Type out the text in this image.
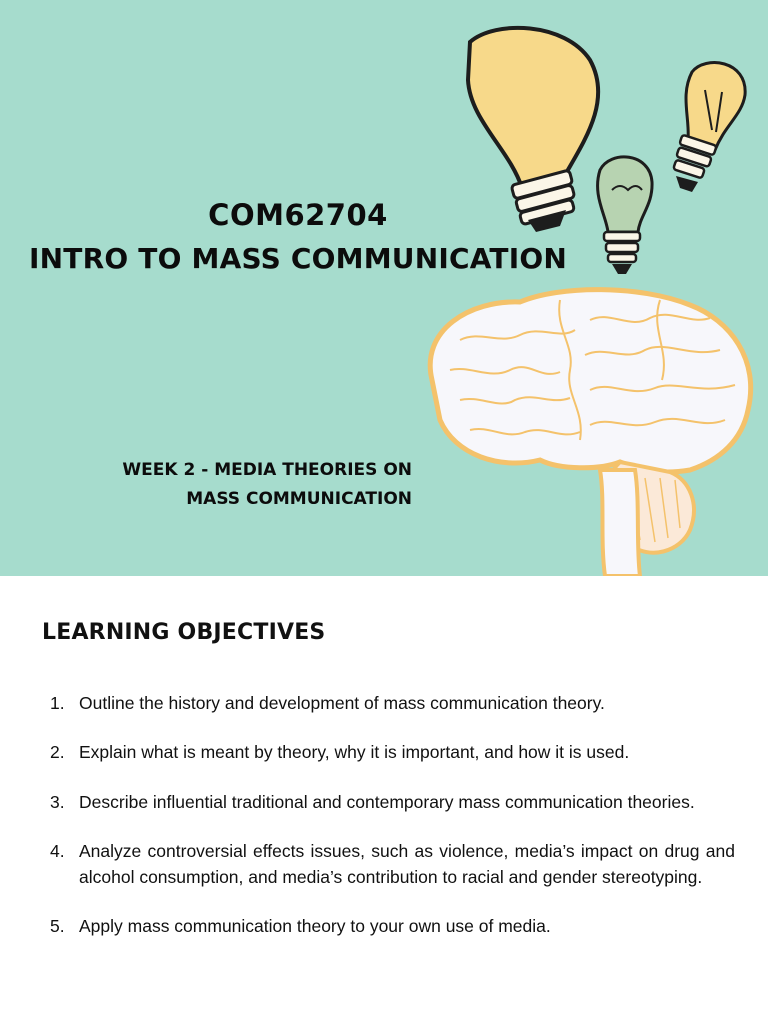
COM62704
INTRO TO MASS COMMUNICATION
WEEK 2 - MEDIA THEORIES ON
MASS COMMUNICATION
LEARNING OBJECTIVES
1. Outline the history and development of mass communication theory.
2. Explain what is meant by theory, why it is important, and how it is used.
3. Describe influential traditional and contemporary mass communication theories.
4. Analyze controversial effects issues, such as violence, media’s impact on drug and alcohol consumption, and media’s contribution to racial and gender stereotyping.
5. Apply mass communication theory to your own use of media.
